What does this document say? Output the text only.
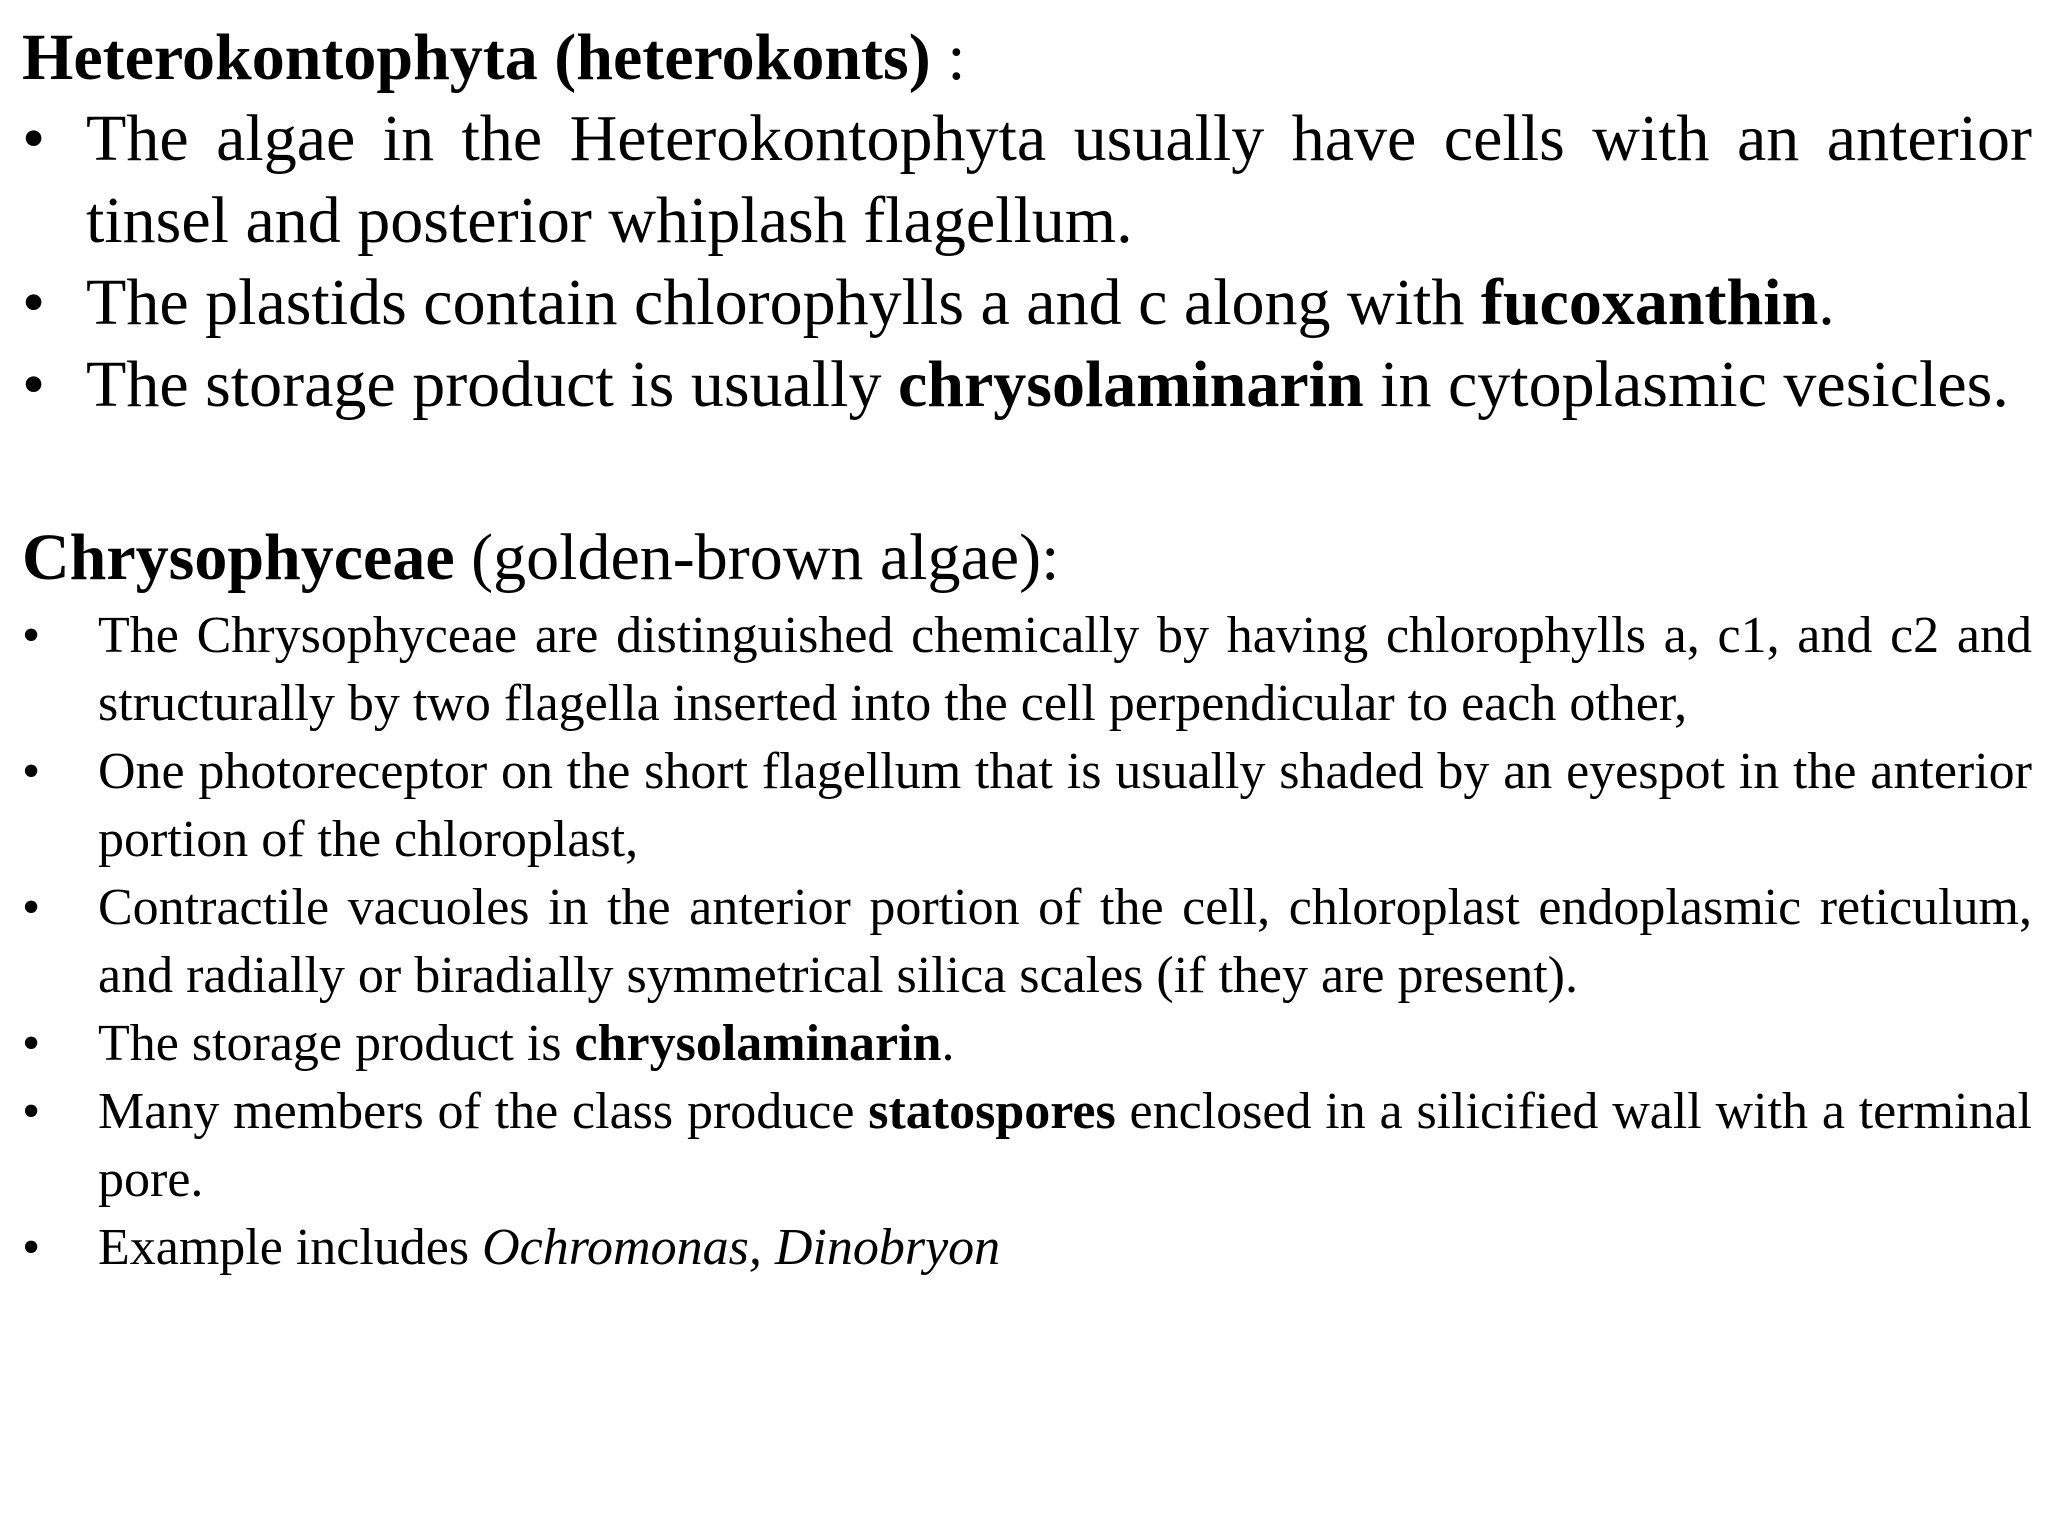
Heterokontophyta (heterokonts) :

• The algae in the Heterokontophyta usually have cells with an anterior tinsel and posterior whiplash flagellum.
• The plastids contain chlorophylls a and c along with fucoxanthin.
• The storage product is usually chrysolaminarin in cytoplasmic vesicles.

Chrysophyceae (golden-brown algae):

• The Chrysophyceae are distinguished chemically by having chlorophylls a, c1, and c2 and structurally by two flagella inserted into the cell perpendicular to each other,
• One photoreceptor on the short flagellum that is usually shaded by an eyespot in the anterior portion of the chloroplast,
• Contractile vacuoles in the anterior portion of the cell, chloroplast endoplasmic reticulum, and radially or biradially symmetrical silica scales (if they are present).
• The storage product is chrysolaminarin.
• Many members of the class produce statospores enclosed in a silicified wall with a terminal pore.
• Example includes Ochromonas, Dinobryon
